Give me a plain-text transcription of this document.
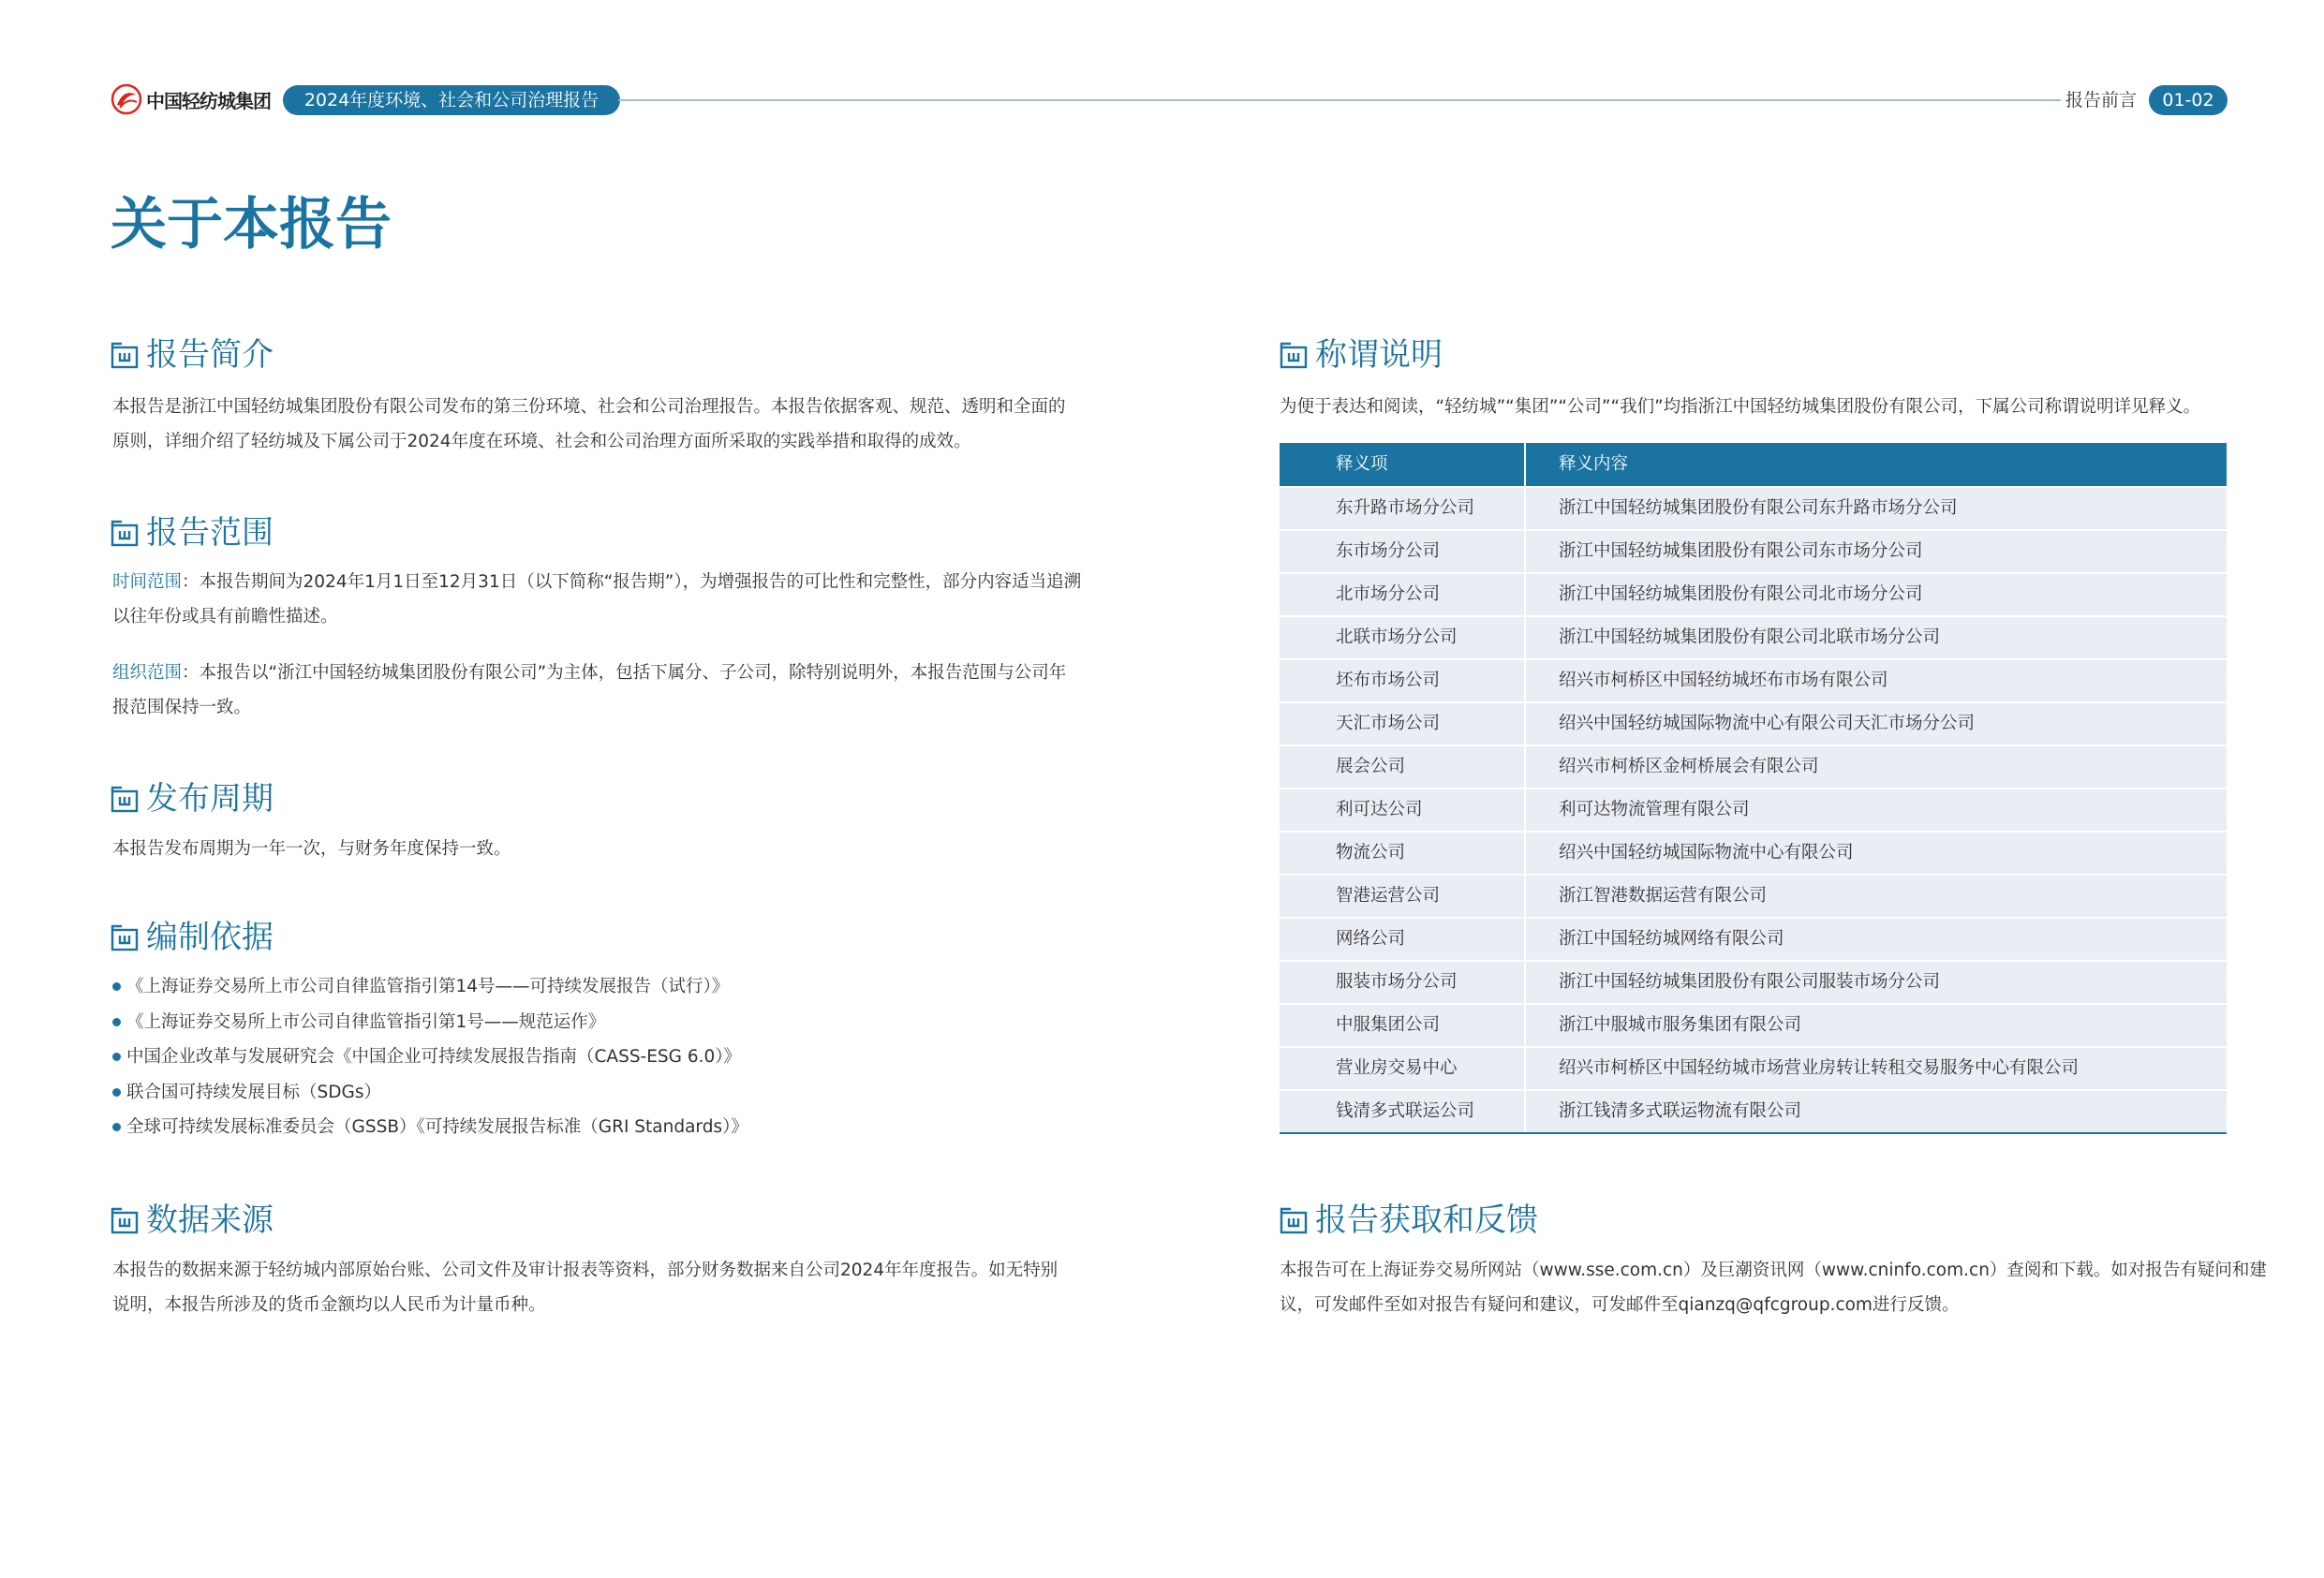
中国轻纺城集团	2024年度环境、社会和公司治理报告	报告前言	01-02
关于本报告
报告简介
本报告是浙江中国轻纺城集团股份有限公司发布的第三份环境、社会和公司治理报告。本报告依据客观、规范、透明和全面的
原则，详细介绍了轻纺城及下属公司于2024年度在环境、社会和公司治理方面所采取的实践举措和取得的成效。
报告范围
时间范围：本报告期间为2024年1月1日至12月31日（以下简称“报告期”），为增强报告的可比性和完整性，部分内容适当追溯
以往年份或具有前瞻性描述。
组织范围：本报告以“浙江中国轻纺城集团股份有限公司”为主体，包括下属分、子公司，除特别说明外，本报告范围与公司年
报范围保持一致。
发布周期
本报告发布周期为一年一次，与财务年度保持一致。
编制依据
《上海证券交易所上市公司自律监管指引第14号——可持续发展报告（试行）》
《上海证券交易所上市公司自律监管指引第1号——规范运作》
中国企业改革与发展研究会《中国企业可持续发展报告指南（CASS-ESG 6.0）》
联合国可持续发展目标（SDGs）
全球可持续发展标准委员会（GSSB）《可持续发展报告标准（GRI Standards）》
数据来源
本报告的数据来源于轻纺城内部原始台账、公司文件及审计报表等资料，部分财务数据来自公司2024年年度报告。如无特别
说明，本报告所涉及的货币金额均以人民币为计量币种。
称谓说明
为便于表达和阅读，“轻纺城”“集团”“公司”“我们”均指浙江中国轻纺城集团股份有限公司，下属公司称谓说明详见释义。
释义项	释义内容
东升路市场分公司	浙江中国轻纺城集团股份有限公司东升路市场分公司
东市场分公司	浙江中国轻纺城集团股份有限公司东市场分公司
北市场分公司	浙江中国轻纺城集团股份有限公司北市场分公司
北联市场分公司	浙江中国轻纺城集团股份有限公司北联市场分公司
坯布市场公司	绍兴市柯桥区中国轻纺城坯布市场有限公司
天汇市场公司	绍兴中国轻纺城国际物流中心有限公司天汇市场分公司
展会公司	绍兴市柯桥区金柯桥展会有限公司
利可达公司	利可达物流管理有限公司
物流公司	绍兴中国轻纺城国际物流中心有限公司
智港运营公司	浙江智港数据运营有限公司
网络公司	浙江中国轻纺城网络有限公司
服装市场分公司	浙江中国轻纺城集团股份有限公司服装市场分公司
中服集团公司	浙江中服城市服务集团有限公司
营业房交易中心	绍兴市柯桥区中国轻纺城市场营业房转让转租交易服务中心有限公司
钱清多式联运公司	浙江钱清多式联运物流有限公司
报告获取和反馈
本报告可在上海证券交易所网站（www.sse.com.cn）及巨潮资讯网（www.cninfo.com.cn）查阅和下载。如对报告有疑问和建
议，可发邮件至如对报告有疑问和建议，可发邮件至qianzq@qfcgroup.com进行反馈。
